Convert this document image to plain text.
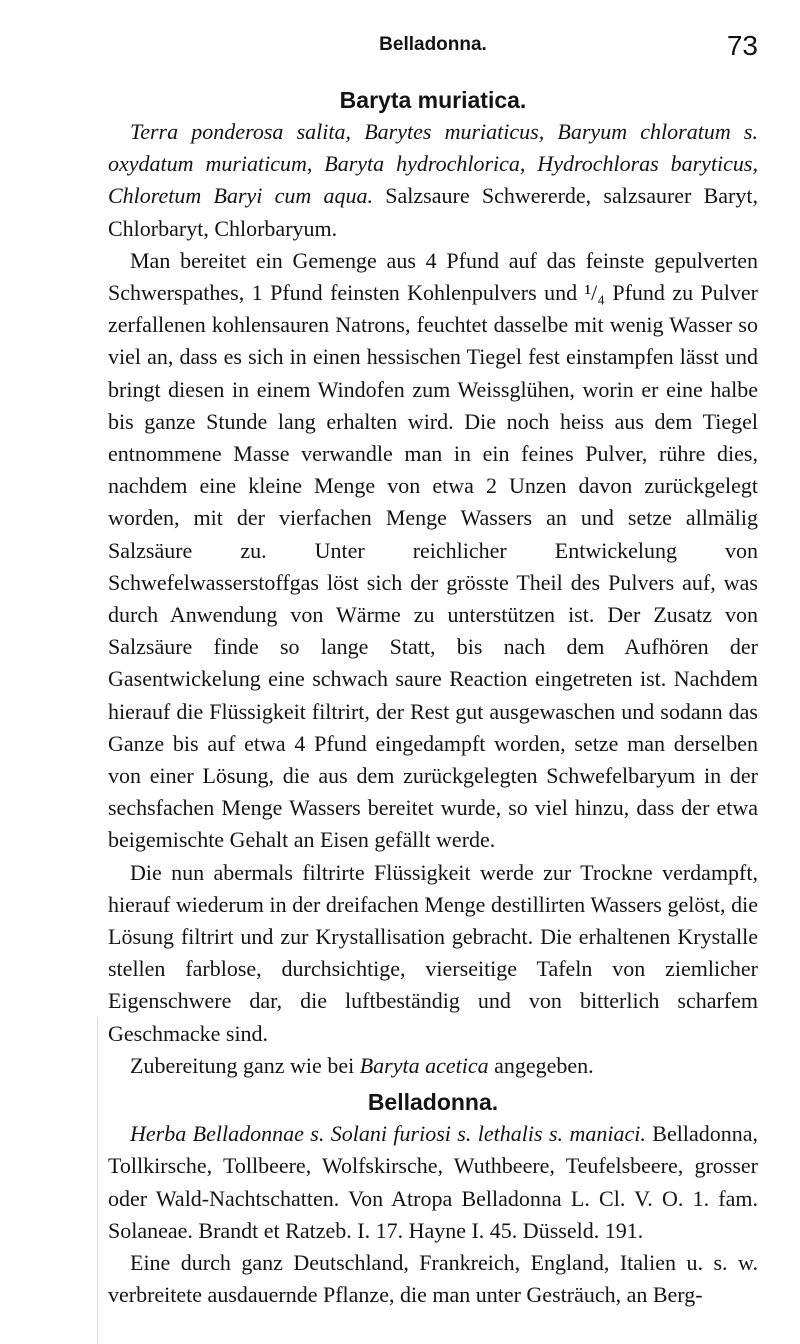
Belladonna.	73
Baryta muriatica.

Terra ponderosa salita, Barytes muriaticus, Baryum chloratum s. oxydatum muriaticum, Baryta hydrochlorica, Hydrochloras baryticus, Chloretum Baryi cum aqua. Salzsaure Schwererde, salzsaurer Baryt, Chlorbaryt, Chlorbaryum.

Man bereitet ein Gemenge aus 4 Pfund auf das feinste gepulverten Schwerspathes, 1 Pfund feinsten Kohlenpulvers und ¹/₄ Pfund zu Pulver zerfallenen kohlensauren Natrons, feuchtet dasselbe mit wenig Wasser so viel an, dass es sich in einen hessischen Tiegel fest einstampfen lässt und bringt diesen in einem Windofen zum Weissglühen, worin er eine halbe bis ganze Stunde lang erhalten wird. Die noch heiss aus dem Tiegel entnommene Masse verwandle man in ein feines Pulver, rühre dies, nachdem eine kleine Menge von etwa 2 Unzen davon zurückgelegt worden, mit der vierfachen Menge Wassers an und setze allmälig Salzsäure zu. Unter reichlicher Entwickelung von Schwefelwasserstoffgas löst sich der grösste Theil des Pulvers auf, was durch Anwendung von Wärme zu unterstützen ist. Der Zusatz von Salzsäure finde so lange Statt, bis nach dem Aufhören der Gasentwickelung eine schwach saure Reaction eingetreten ist. Nachdem hierauf die Flüssigkeit filtrirt, der Rest gut ausgewaschen und sodann das Ganze bis auf etwa 4 Pfund eingedampft worden, setze man derselben von einer Lösung, die aus dem zurückgelegten Schwefelbaryum in der sechsfachen Menge Wassers bereitet wurde, so viel hinzu, dass der etwa beigemischte Gehalt an Eisen gefällt werde.

Die nun abermals filtrirte Flüssigkeit werde zur Trockne verdampft, hierauf wiederum in der dreifachen Menge destillirten Wassers gelöst, die Lösung filtrirt und zur Krystallisation gebracht. Die erhaltenen Krystalle stellen farblose, durchsichtige, vierseitige Tafeln von ziemlicher Eigenschwere dar, die luftbeständig und von bitterlich scharfem Geschmacke sind.

Zubereitung ganz wie bei Baryta acetica angegeben.

Belladonna.

Herba Belladonnae s. Solani furiosi s. lethalis s. maniaci. Belladonna, Tollkirsche, Tollbeere, Wolfskirsche, Wuthbeere, Teufelsbeere, grosser oder Wald-Nachtschatten. Von Atropa Belladonna L. Cl. V. O. 1. fam. Solaneae. Brandt et Ratzeb. I. 17. Hayne I. 45. Düsseld. 191.

Eine durch ganz Deutschland, Frankreich, England, Italien u. s. w. verbreitete ausdauernde Pflanze, die man unter Gesträuch, an Berg-
